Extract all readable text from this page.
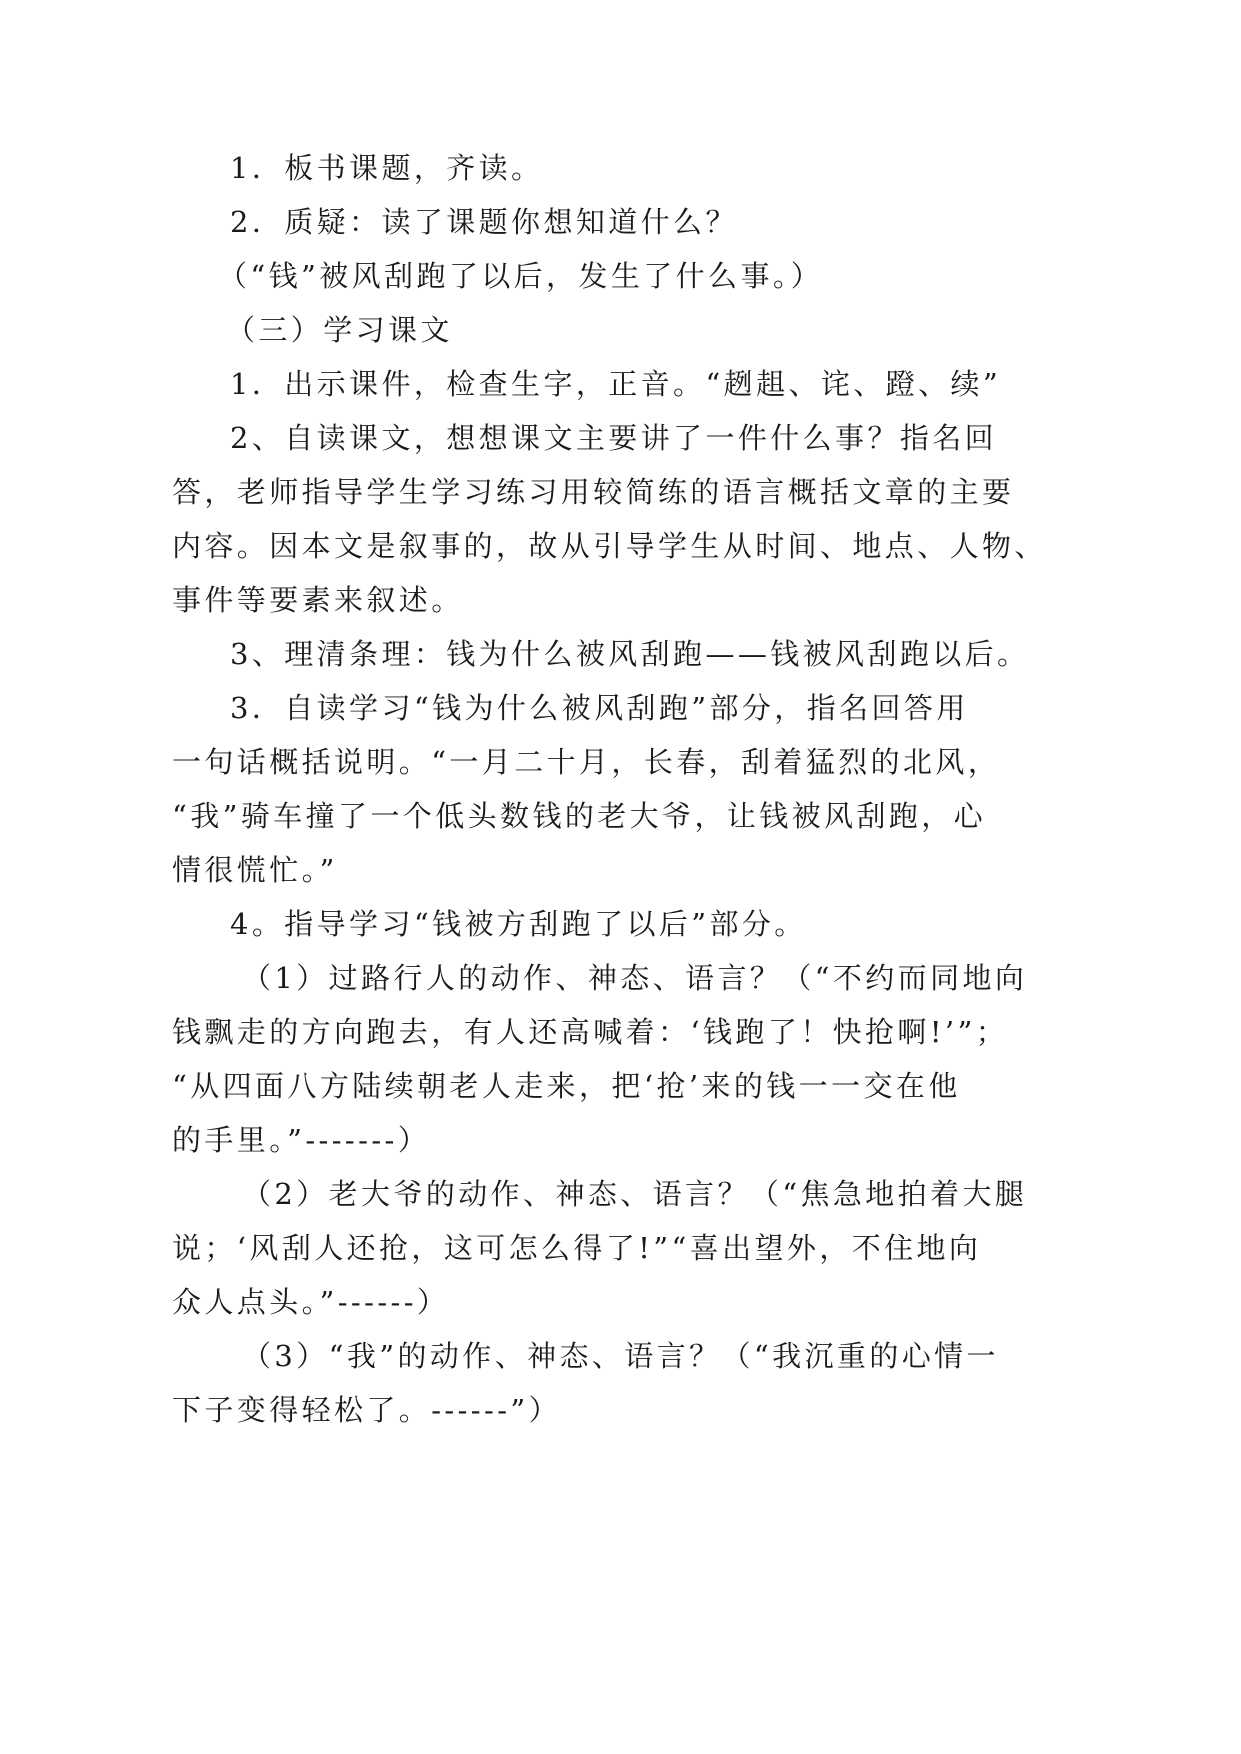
1．板书课题，齐读。
2．质疑：读了课题你想知道什么？
（“钱”被风刮跑了以后，发生了什么事。）
（三）学习课文
1．出示课件，检查生字，正音。“趔趄、诧、蹬、续”
2、自读课文，想想课文主要讲了一件什么事？指名回
答，老师指导学生学习练习用较简练的语言概括文章的主要
内容。因本文是叙事的，故从引导学生从时间、地点、人物、
事件等要素来叙述。
3、理清条理：钱为什么被风刮跑——钱被风刮跑以后。
3．自读学习“钱为什么被风刮跑”部分，指名回答用
一句话概括说明。“一月二十月，长春，刮着猛烈的北风，
“我”骑车撞了一个低头数钱的老大爷，让钱被风刮跑，心
情很慌忙。”
4。指导学习“钱被方刮跑了以后”部分。
（1）过路行人的动作、神态、语言？（“不约而同地向
钱飘走的方向跑去，有人还高喊着：‘钱跑了！快抢啊!’”；
“从四面八方陆续朝老人走来，把‘抢’来的钱一一交在他
的手里。”-------）
（2）老大爷的动作、神态、语言？（“焦急地拍着大腿
说；‘风刮人还抢，这可怎么得了!”“喜出望外，不住地向
众人点头。”------）
（3）“我”的动作、神态、语言？（“我沉重的心情一
下子变得轻松了。------”）
